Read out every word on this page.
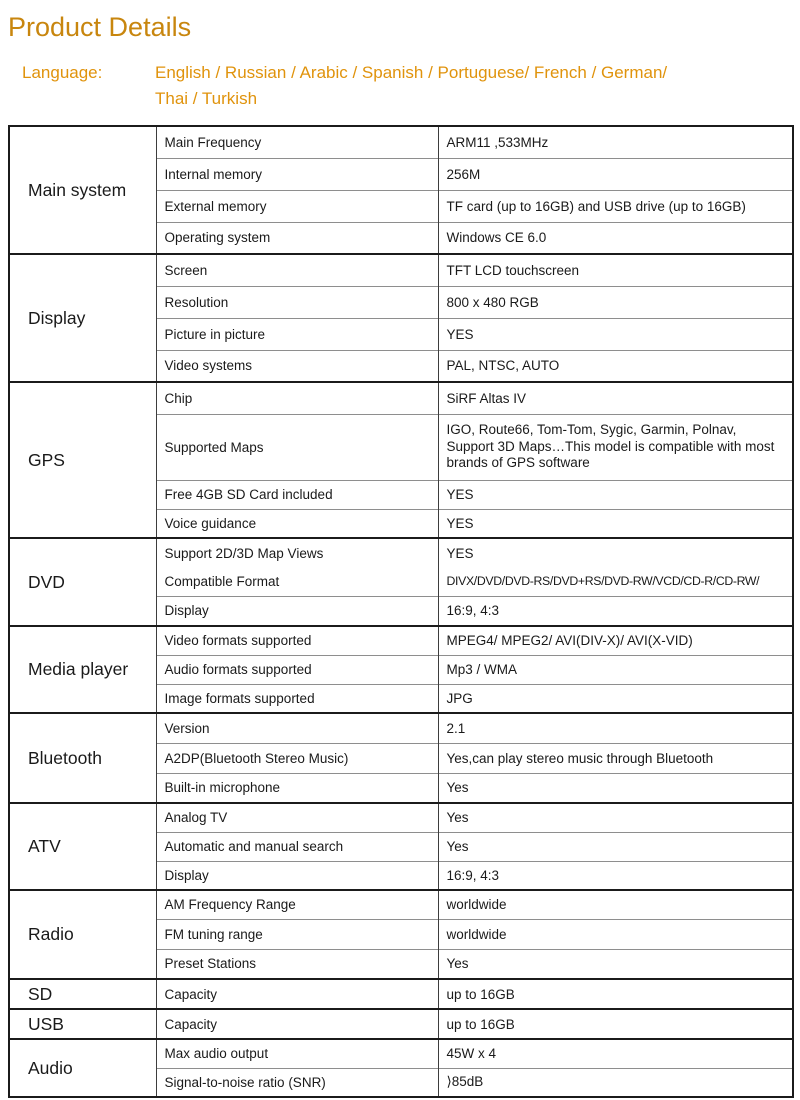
Product Details
Language:	English / Russian / Arabic / Spanish / Portuguese/ French / German/
Thai / Turkish
Main system	Main Frequency	ARM11 ,533MHz
	Internal memory	256M
	External memory	TF card (up to 16GB) and USB drive (up to 16GB)
	Operating system	Windows CE 6.0
Display	Screen	TFT LCD touchscreen
	Resolution	800 x 480 RGB
	Picture in picture	YES
	Video systems	PAL, NTSC, AUTO
GPS	Chip	SiRF Altas IV
	Supported Maps	IGO, Route66, Tom-Tom, Sygic, Garmin, Polnav, Support 3D Maps…This model is compatible with most brands of GPS software
	Free 4GB SD Card included	YES
	Voice guidance	YES
DVD	Support 2D/3D Map Views	YES
	Compatible Format	DIVX/DVD/DVD-RS/DVD+RS/DVD-RW/VCD/CD-R/CD-RW/
	Display	16:9, 4:3
Media player	Video formats supported	MPEG4/ MPEG2/ AVI(DIV-X)/ AVI(X-VID)
	Audio formats supported	Mp3 / WMA
	Image formats supported	JPG
Bluetooth	Version	2.1
	A2DP(Bluetooth Stereo Music)	Yes,can play stereo music through Bluetooth
	Built-in microphone	Yes
ATV	Analog TV	Yes
	Automatic and manual search	Yes
	Display	16:9, 4:3
Radio	AM Frequency Range	worldwide
	FM tuning range	worldwide
	Preset Stations	Yes
SD	Capacity	up to 16GB
USB	Capacity	up to 16GB
Audio	Max audio output	45W x 4
	Signal-to-noise ratio (SNR)	⟩85dB
